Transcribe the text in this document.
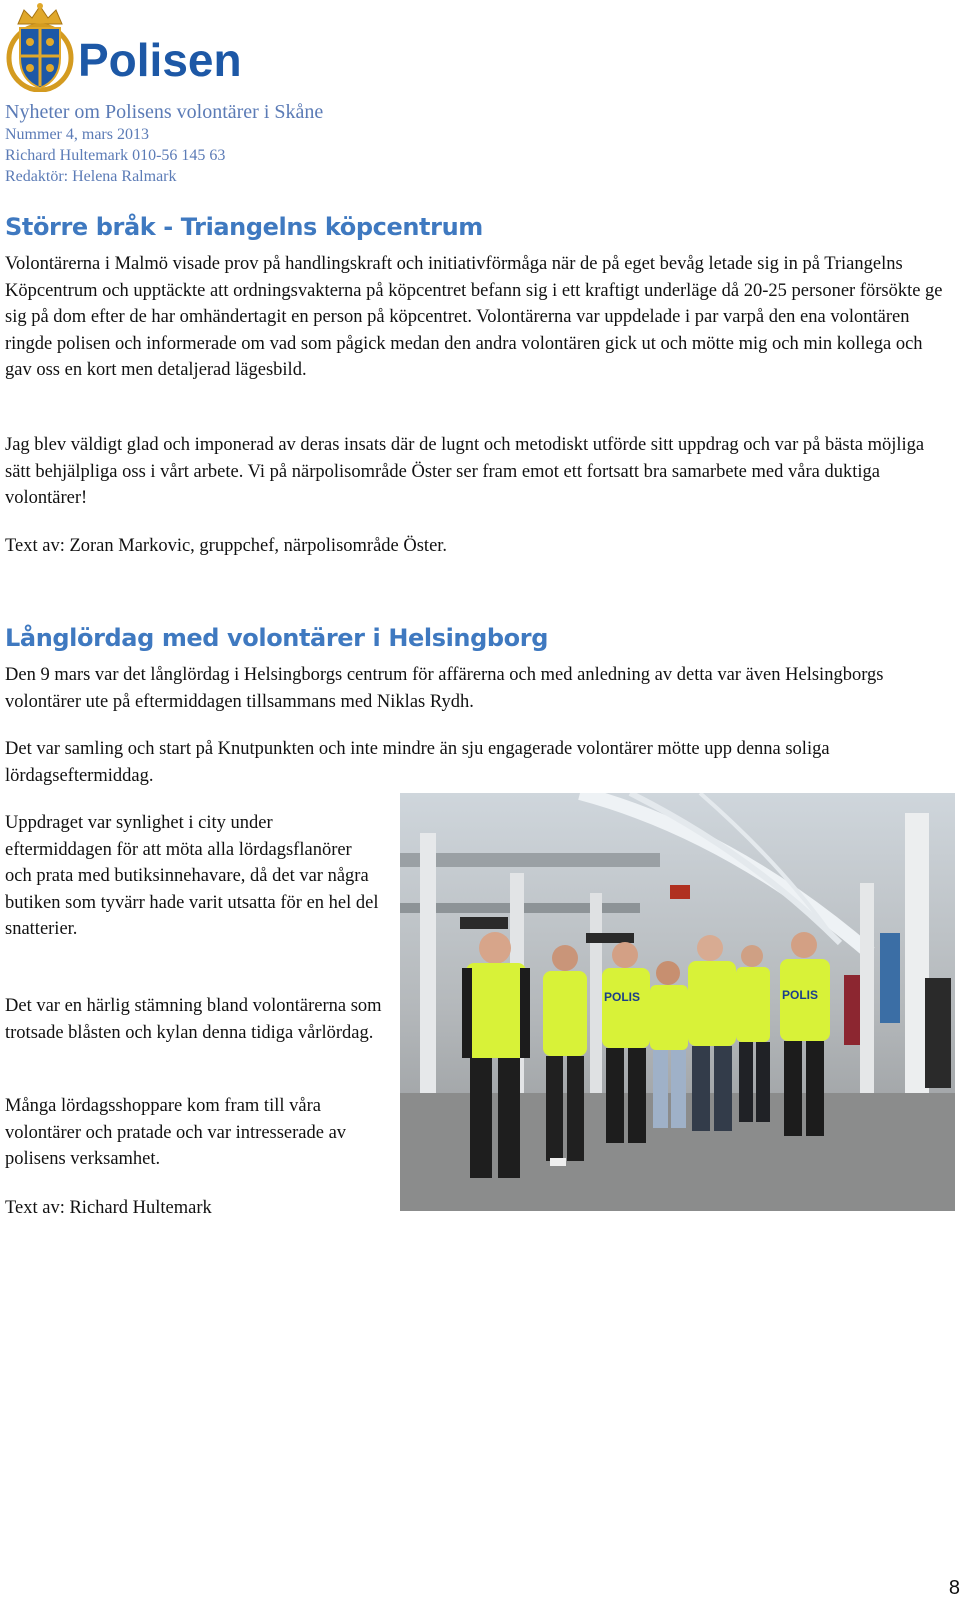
Polisen
Nyheter om Polisens volontärer i Skåne
Nummer 4, mars 2013
Richard Hultemark 010-56 145 63
Redaktör: Helena Ralmark
Större bråk - Triangelns köpcentrum

Volontärerna i Malmö visade prov på handlingskraft och initiativförmåga när de på eget bevåg letade sig in på Triangelns Köpcentrum och upptäckte att ordningsvakterna på köpcentret befann sig i ett kraftigt underläge då 20-25 personer försökte ge sig på dom efter de har omhändertagit en person på köpcentret. Volontärerna var uppdelade i par varpå den ena volontären ringde polisen och informerade om vad som pågick medan den andra volontären gick ut och mötte mig och min kollega och gav oss en kort men detaljerad lägesbild.

Jag blev väldigt glad och imponerad av deras insats där de lugnt och metodiskt utförde sitt uppdrag och var på bästa möjliga sätt behjälpliga oss i vårt arbete. Vi på närpolisområde Öster ser fram emot ett fortsatt bra samarbete med våra duktiga volontärer!

Text av: Zoran Markovic, gruppchef, närpolisområde Öster.

Långlördag med volontärer i Helsingborg

Den 9 mars var det långlördag i Helsingborgs centrum för affärerna och med anledning av detta var även Helsingborgs volontärer ute på eftermiddagen tillsammans med Niklas Rydh.

Det var samling och start på Knutpunkten och inte mindre än sju engagerade volontärer mötte upp denna soliga lördagseftermiddag.

Uppdraget var synlighet i city under eftermiddagen för att möta alla lördagsflanörer och prata med butiksinnehavare, då det var några butiken som tyvärr hade varit utsatta för en hel del snatterier.

Det var en härlig stämning bland volontärerna som trotsade blåsten och kylan denna tidiga vårlördag.

Många lördagsshoppare kom fram till våra volontärer och pratade och var intresserade av polisens verksamhet.

Text av: Richard Hultemark

POLIS	POLIS
8
